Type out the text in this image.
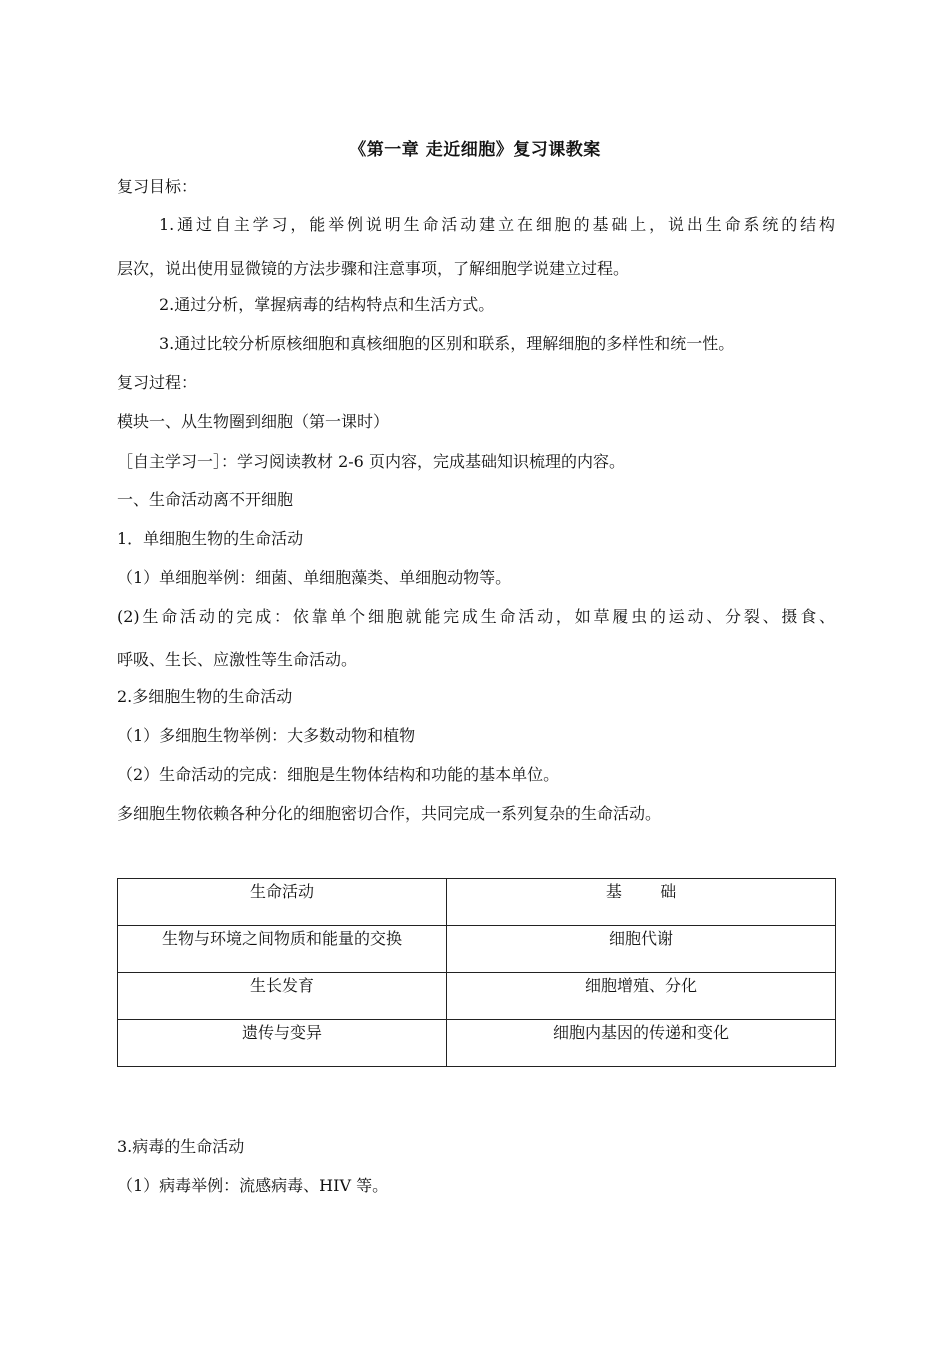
《第一章 走近细胞》复习课教案
复习目标：
1.通过自主学习，能举例说明生命活动建立在细胞的基础上，说出生命系统的结构
层次，说出使用显微镜的方法步骤和注意事项，了解细胞学说建立过程。
2.通过分析，掌握病毒的结构特点和生活方式。
3.通过比较分析原核细胞和真核细胞的区别和联系，理解细胞的多样性和统一性。
复习过程：
模块一、从生物圈到细胞（第一课时）
［自主学习一］：学习阅读教材 2-6 页内容，完成基础知识梳理的内容。
一、生命活动离不开细胞
1．单细胞生物的生命活动
（1）单细胞举例：细菌、单细胞藻类、单细胞动物等。
(2)生命活动的完成：依靠单个细胞就能完成生命活动，如草履虫的运动、分裂、摄食、
呼吸、生长、应激性等生命活动。
2.多细胞生物的生命活动
（1）多细胞生物举例：大多数动物和植物
（2）生命活动的完成：细胞是生物体结构和功能的基本单位。
多细胞生物依赖各种分化的细胞密切合作，共同完成一系列复杂的生命活动。
生命活动	基础
生物与环境之间物质和能量的交换	细胞代谢
生长发育	细胞增殖、分化
遗传与变异	细胞内基因的传递和变化
3.病毒的生命活动
（1）病毒举例：流感病毒、HIV 等。
